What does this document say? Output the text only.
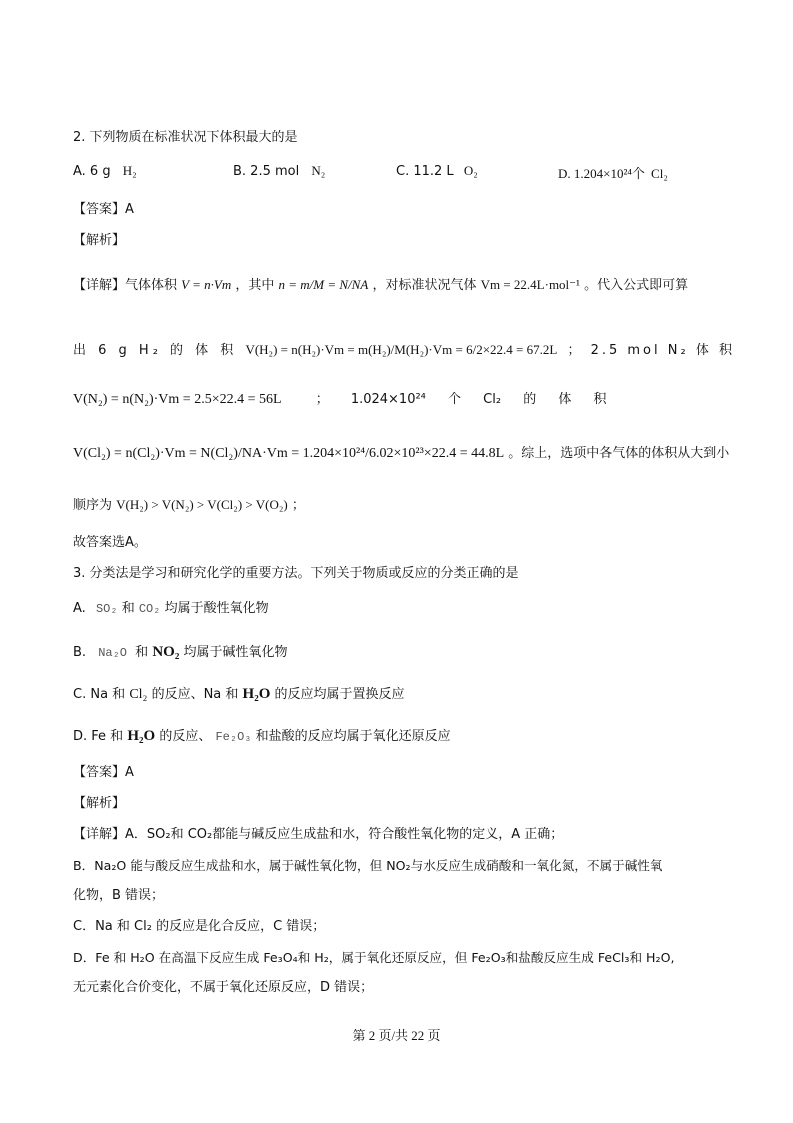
2. 下列物质在标准状况下体积最大的是
A. 6 g H₂	B. 2.5 mol N₂	C. 11.2 L O₂	D. 1.204×10²⁴个 Cl₂
【答案】A
【解析】
【详解】气体体积 V = n·Vm ，其中 n = m/M = N/NA ，对标准状况气体 Vm = 22.4L·mol⁻¹ 。代入公式即可算
出 6 g H₂ 的 体 积 V(H₂) = n(H₂)·Vm = m(H₂)/M(H₂)·Vm = 6/2×22.4 = 67.2L ； 2.5 mol N₂ 体 积
V(N₂) = n(N₂)·Vm = 2.5×22.4 = 56L	； 1.024×10²⁴ 个 Cl₂ 的 体 积
V(Cl₂) = n(Cl₂)·Vm = N(Cl₂)/NA·Vm = 1.204×10²⁴/6.02×10²³×22.4 = 44.8L 。综上，选项中各气体的体积从大到小
顺序为 V(H₂) > V(N₂) > V(Cl₂) > V(O₂) ；
故答案选A。
3. 分类法是学习和研究化学的重要方法。下列关于物质或反应的分类正确的是
A. SO₂ 和 CO₂ 均属于酸性氧化物
B. Na₂O 和 NO₂ 均属于碱性氧化物
C. Na 和 Cl₂ 的反应、Na 和 H₂O 的反应均属于置换反应
D. Fe 和 H₂O 的反应、 Fe₂O₃ 和盐酸的反应均属于氧化还原反应
【答案】A
【解析】
【详解】A．SO₂和 CO₂都能与碱反应生成盐和水，符合酸性氧化物的定义，A 正确；
B．Na₂O 能与酸反应生成盐和水，属于碱性氧化物，但 NO₂与水反应生成硝酸和一氧化氮，不属于碱性氧
化物，B 错误；
C．Na 和 Cl₂ 的反应是化合反应，C 错误；
D．Fe 和 H₂O 在高温下反应生成 Fe₃O₄和 H₂，属于氧化还原反应，但 Fe₂O₃和盐酸反应生成 FeCl₃和 H₂O,
无元素化合价变化，不属于氧化还原反应，D 错误；
第 2 页/共 22 页
